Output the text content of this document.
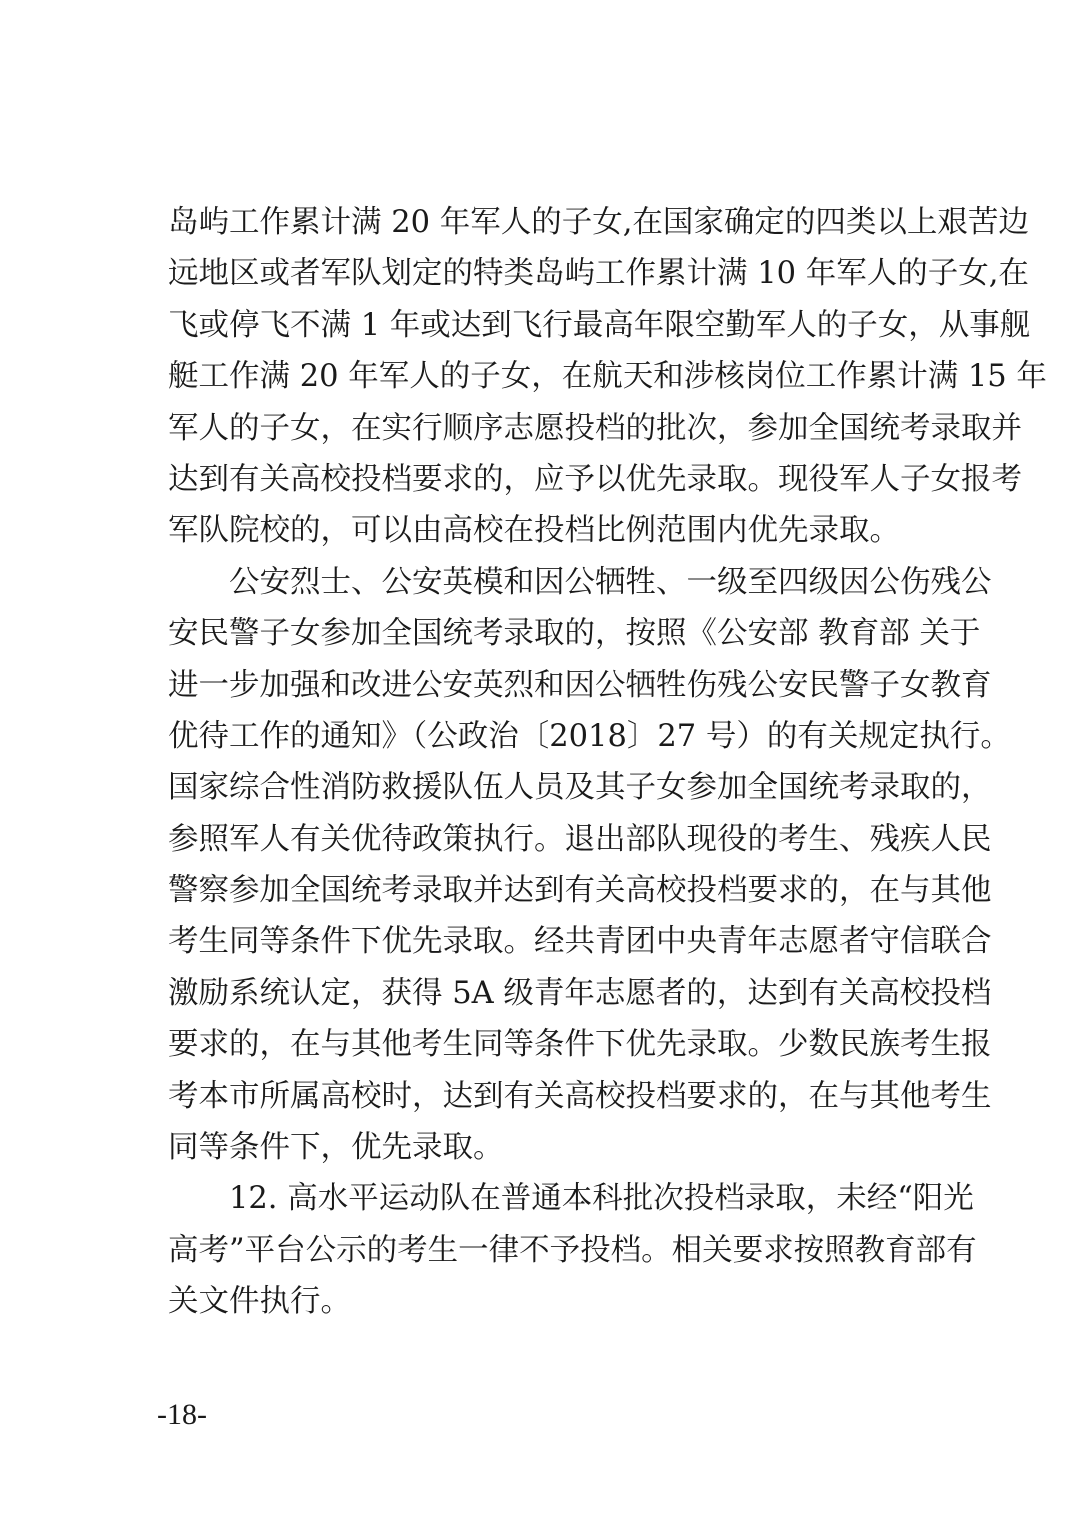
岛屿工作累计满 20 年军人的子女,在国家确定的四类以上艰苦边
远地区或者军队划定的特类岛屿工作累计满 10 年军人的子女,在
飞或停飞不满 1 年或达到飞行最高年限空勤军人的子女，从事舰
艇工作满 20 年军人的子女，在航天和涉核岗位工作累计满 15 年
军人的子女，在实行顺序志愿投档的批次，参加全国统考录取并
达到有关高校投档要求的，应予以优先录取。现役军人子女报考
军队院校的，可以由高校在投档比例范围内优先录取。
公安烈士、公安英模和因公牺牲、一级至四级因公伤残公
安民警子女参加全国统考录取的，按照《公安部 教育部 关于
进一步加强和改进公安英烈和因公牺牲伤残公安民警子女教育
优待工作的通知》（公政治〔2018〕27 号）的有关规定执行。
国家综合性消防救援队伍人员及其子女参加全国统考录取的，
参照军人有关优待政策执行。退出部队现役的考生、残疾人民
警察参加全国统考录取并达到有关高校投档要求的，在与其他
考生同等条件下优先录取。经共青团中央青年志愿者守信联合
激励系统认定，获得 5A 级青年志愿者的，达到有关高校投档
要求的，在与其他考生同等条件下优先录取。少数民族考生报
考本市所属高校时，达到有关高校投档要求的，在与其他考生
同等条件下，优先录取。
12. 高水平运动队在普通本科批次投档录取，未经“阳光
高考”平台公示的考生一律不予投档。相关要求按照教育部有
关文件执行。
-18-
